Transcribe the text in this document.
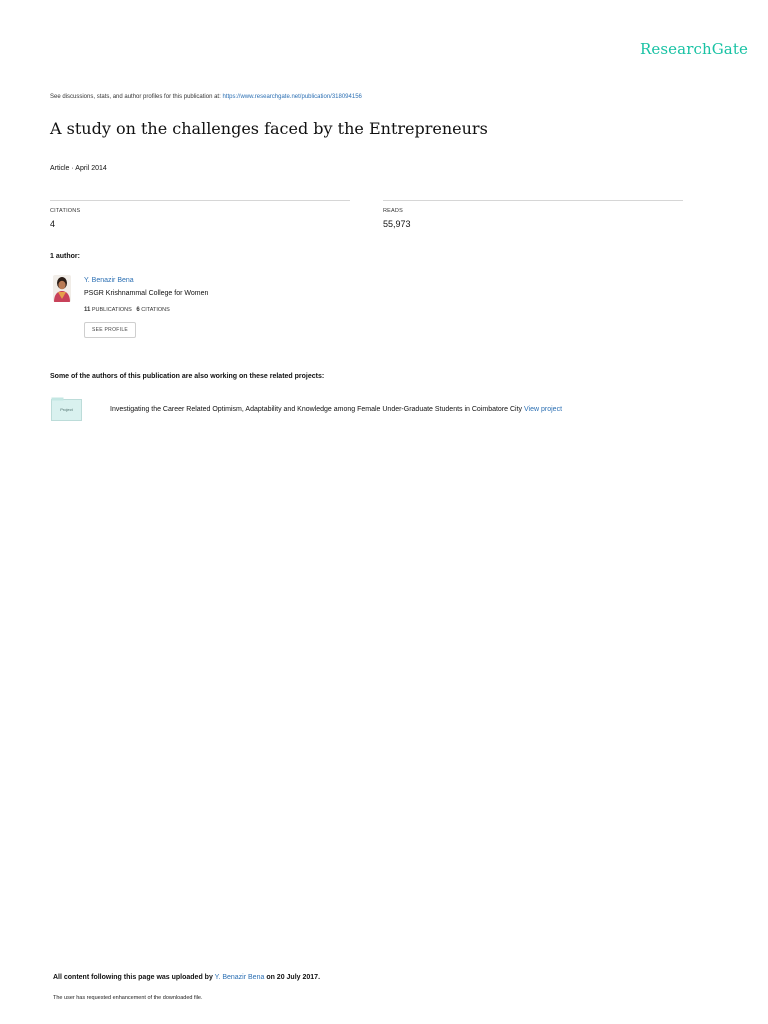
ResearchGate
See discussions, stats, and author profiles for this publication at: https://www.researchgate.net/publication/318094156
A study on the challenges faced by the Entrepreneurs
Article · April 2014
CITATIONS
4
READS
55,973
1 author:
Y. Benazir Bena
PSGR Krishnammal College for Women
11 PUBLICATIONS 6 CITATIONS
SEE PROFILE
Some of the authors of this publication are also working on these related projects:
Project	Investigating the Career Related Optimism, Adaptability and Knowledge among Female Under-Graduate Students in Coimbatore City View project
All content following this page was uploaded by Y. Benazir Bena on 20 July 2017.
The user has requested enhancement of the downloaded file.
